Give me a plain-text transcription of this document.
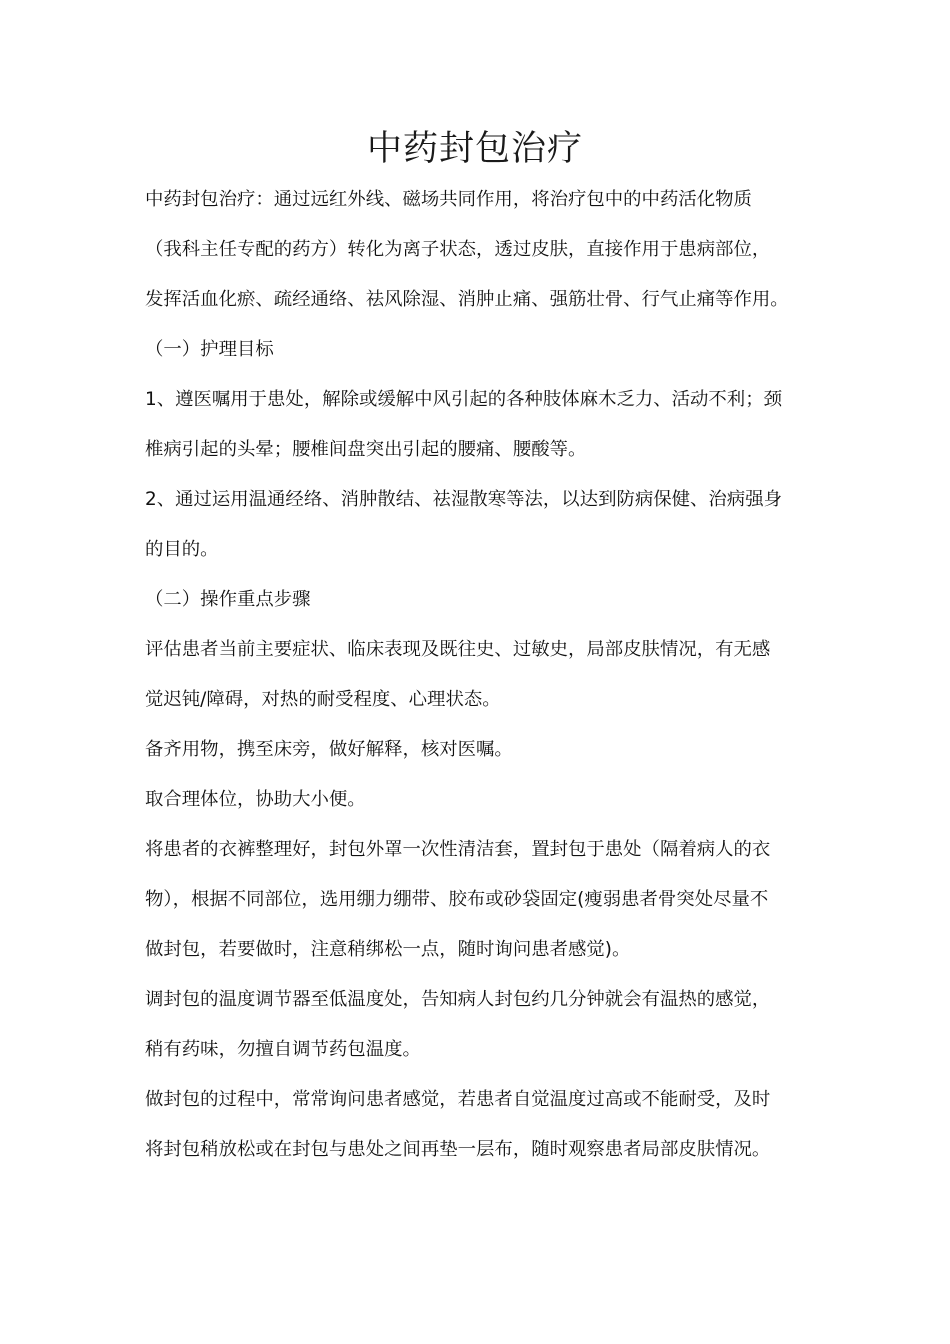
中药封包治疗
中药封包治疗：通过远红外线、磁场共同作用，将治疗包中的中药活化物质
（我科主任专配的药方）转化为离子状态，透过皮肤，直接作用于患病部位，
发挥活血化瘀、疏经通络、祛风除湿、消肿止痛、强筋壮骨、行气止痛等作用。
（一）护理目标
1、遵医嘱用于患处，解除或缓解中风引起的各种肢体麻木乏力、活动不利；颈
椎病引起的头晕；腰椎间盘突出引起的腰痛、腰酸等。
2、通过运用温通经络、消肿散结、祛湿散寒等法，以达到防病保健、治病强身
的目的。
（二）操作重点步骤
评估患者当前主要症状、临床表现及既往史、过敏史，局部皮肤情况，有无感
觉迟钝/障碍，对热的耐受程度、心理状态。
备齐用物，携至床旁，做好解释，核对医嘱。
取合理体位，协助大小便。
将患者的衣裤整理好，封包外罩一次性清洁套，置封包于患处（隔着病人的衣
物），根据不同部位，选用绷力绷带、胶布或砂袋固定(瘦弱患者骨突处尽量不
做封包，若要做时，注意稍绑松一点，随时询问患者感觉)。
调封包的温度调节器至低温度处，告知病人封包约几分钟就会有温热的感觉，
稍有药味，勿擅自调节药包温度。
做封包的过程中，常常询问患者感觉，若患者自觉温度过高或不能耐受，及时
将封包稍放松或在封包与患处之间再垫一层布，随时观察患者局部皮肤情况。
